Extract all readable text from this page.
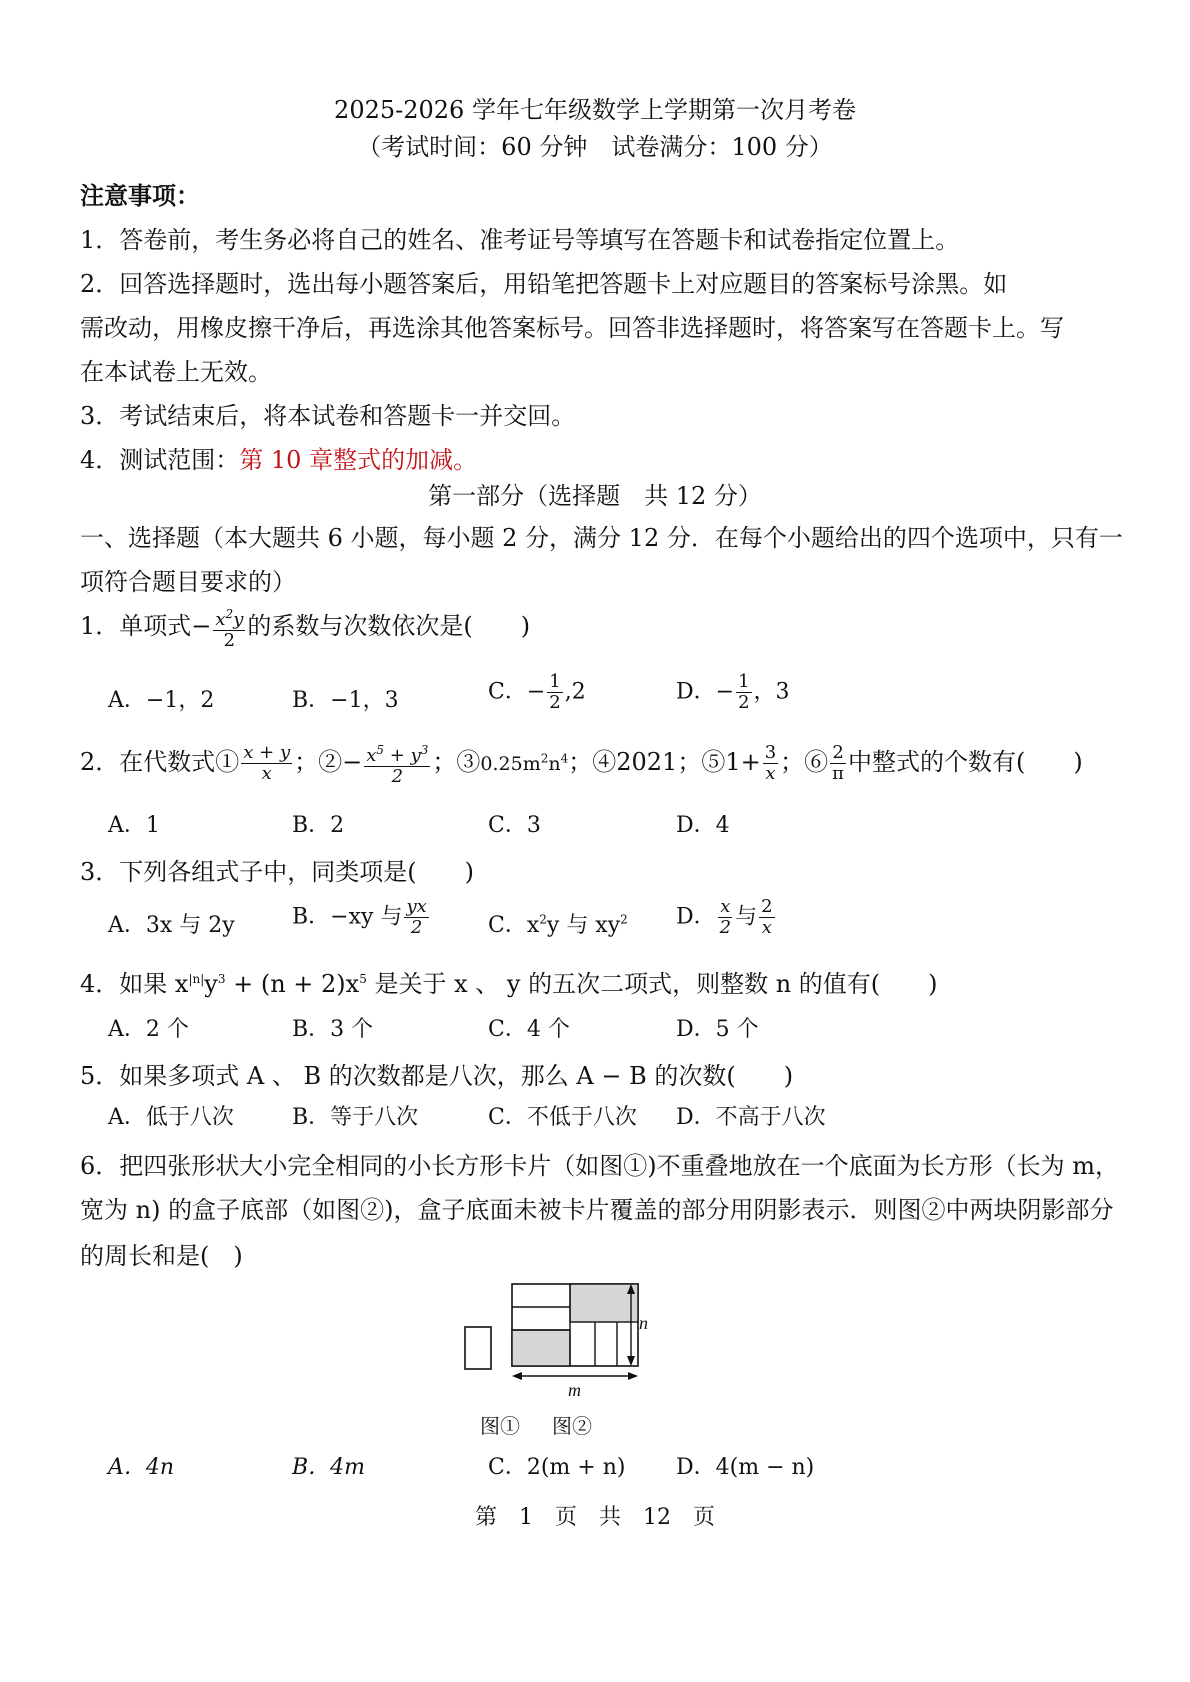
2025-2026 学年七年级数学上学期第一次月考卷
（考试时间：60 分钟　试卷满分：100 分）
注意事项：
1．答卷前，考生务必将自己的姓名、准考证号等填写在答题卡和试卷指定位置上。
2．回答选择题时，选出每小题答案后，用铅笔把答题卡上对应题目的答案标号涂黑。如
需改动，用橡皮擦干净后，再选涂其他答案标号。回答非选择题时，将答案写在答题卡上。写
在本试卷上无效。
3．考试结束后，将本试卷和答题卡一并交回。
4．测试范围：第 10 章整式的加减。
第一部分（选择题　共 12 分）
一、选择题（本大题共 6 小题，每小题 2 分，满分 12 分．在每个小题给出的四个选项中，只有一
项符合题目要求的）
1．单项式− $\frac{x^2y}{2}$ 的系数与次数依次是(　　)
A．−1，2	B．−1，3	C．− $\frac{1}{2} ,2$	D．− $\frac{1}{2}$ ，3
2．在代数式① $\frac{x + y}{x}$ ；②− $\frac{x^5 + y^3}{2}$ ；$③0.25m^2n^4$；④2021；⑤1+ $\frac{3}{x}$ ；⑥ $\frac{2}{\pi}$ 中整式的个数有(　　)
A．1	B．2	C．3	D．4
3．下列各组式子中，同类项是(　　)
A．3x 与 2y	B．−xy 与 $\frac{yx}{2}$	C．$x^2y$ 与 $xy^2$ D． $\frac{x}{2}$ 与 $\frac{2}{x}$
4．如果 $x^{|n|}y^3 + (n + 2)x^5$ 是关于 x 、 y 的五次二项式，则整数 n 的值有(　　)
A．2 个	B．3 个	C．4 个	D．5 个
5．如果多项式 A 、 B 的次数都是八次，那么 A − B 的次数(　　)
A．低于八次	B．等于八次	C．不低于八次 D．不高于八次
6．把四张形状大小完全相同的小长方形卡片（如图①)不重叠地放在一个底面为长方形（长为 m，
宽为 n) 的盒子底部（如图②)，盒子底面未被卡片覆盖的部分用阴影表示．则图②中两块阴影部分
的周长和是(　)
n
m
图① 图②
A．4n	B．4m	C．2(m + n) D．4(m − n)
第　1　页　共　12　页
